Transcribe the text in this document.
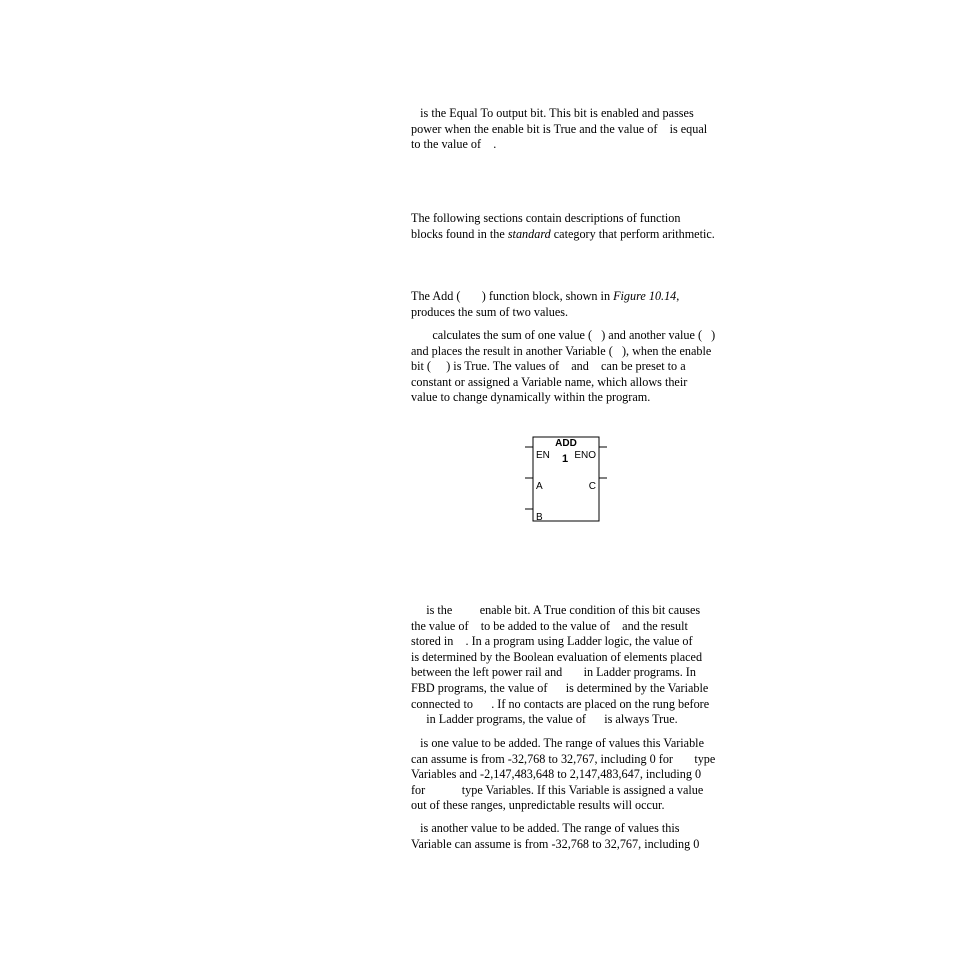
is the Equal To output bit. This bit is enabled and passes
power when the enable bit is True and the value of    is equal
to the value of    .
The following sections contain descriptions of function
blocks found in the standard category that perform arithmetic.
The Add (       ) function block, shown in Figure 10.14,
produces the sum of two values.
calculates the sum of one value (   ) and another value (   )
and places the result in another Variable (   ), when the enable
bit (     ) is True. The values of    and    can be preset to a
constant or assigned a Variable name, which allows their
value to change dynamically within the program.
ADD
1
EN
A
B
ENO
C
is the         enable bit. A True condition of this bit causes
the value of    to be added to the value of    and the result
stored in    . In a program using Ladder logic, the value of
is determined by the Boolean evaluation of elements placed
between the left power rail and       in Ladder programs. In
FBD programs, the value of      is determined by the Variable
connected to      . If no contacts are placed on the rung before
in Ladder programs, the value of      is always True.
is one value to be added. The range of values this Variable
can assume is from -32,768 to 32,767, including 0 for       type
Variables and -2,147,483,648 to 2,147,483,647, including 0
for            type Variables. If this Variable is assigned a value
out of these ranges, unpredictable results will occur.
is another value to be added. The range of values this
Variable can assume is from -32,768 to 32,767, including 0
